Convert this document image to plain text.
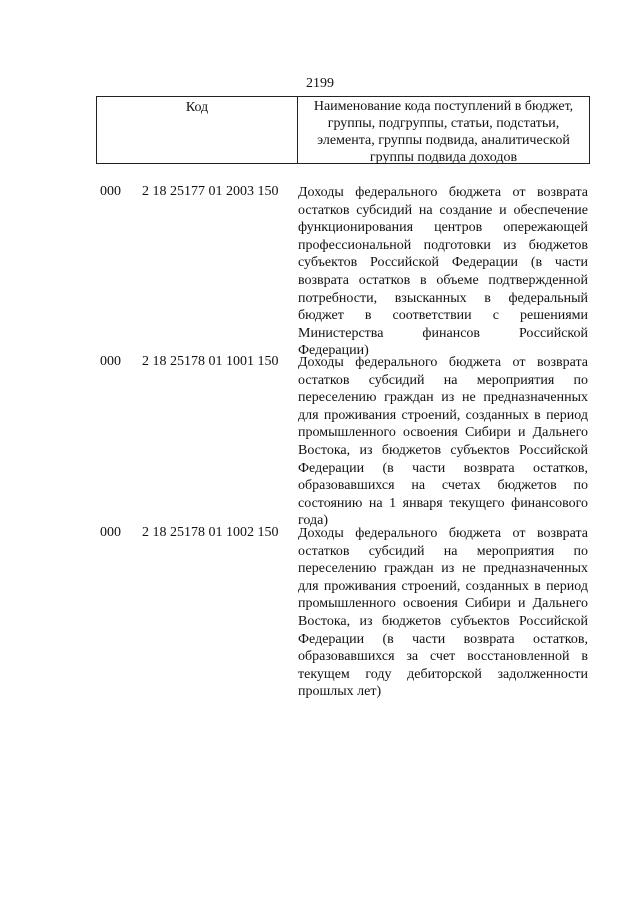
2199
Код	Наименование кода поступлений в бюджет, группы, подгруппы, статьи, подстатьи, элемента, группы подвида, аналитической группы подвида доходов
000 2 18 25177 01 2003 150 Доходы федерального бюджета от возврата остатков субсидий на создание и обеспечение функционирования центров опережающей профессиональной подготовки из бюджетов субъектов Российской Федерации (в части возврата остатков в объеме подтвержденной потребности, взысканных в федеральный бюджет в соответствии с решениями Министерства финансов Российской Федерации)
000 2 18 25178 01 1001 150 Доходы федерального бюджета от возврата остатков субсидий на мероприятия по переселению граждан из не предназначенных для проживания строений, созданных в период промышленного освоения Сибири и Дальнего Востока, из бюджетов субъектов Российской Федерации (в части возврата остатков, образовавшихся на счетах бюджетов по состоянию на 1 января текущего финансового года)
000 2 18 25178 01 1002 150 Доходы федерального бюджета от возврата остатков субсидий на мероприятия по переселению граждан из не предназначенных для проживания строений, созданных в период промышленного освоения Сибири и Дальнего Востока, из бюджетов субъектов Российской Федерации (в части возврата остатков, образовавшихся за счет восстановленной в текущем году дебиторской задолженности прошлых лет)
